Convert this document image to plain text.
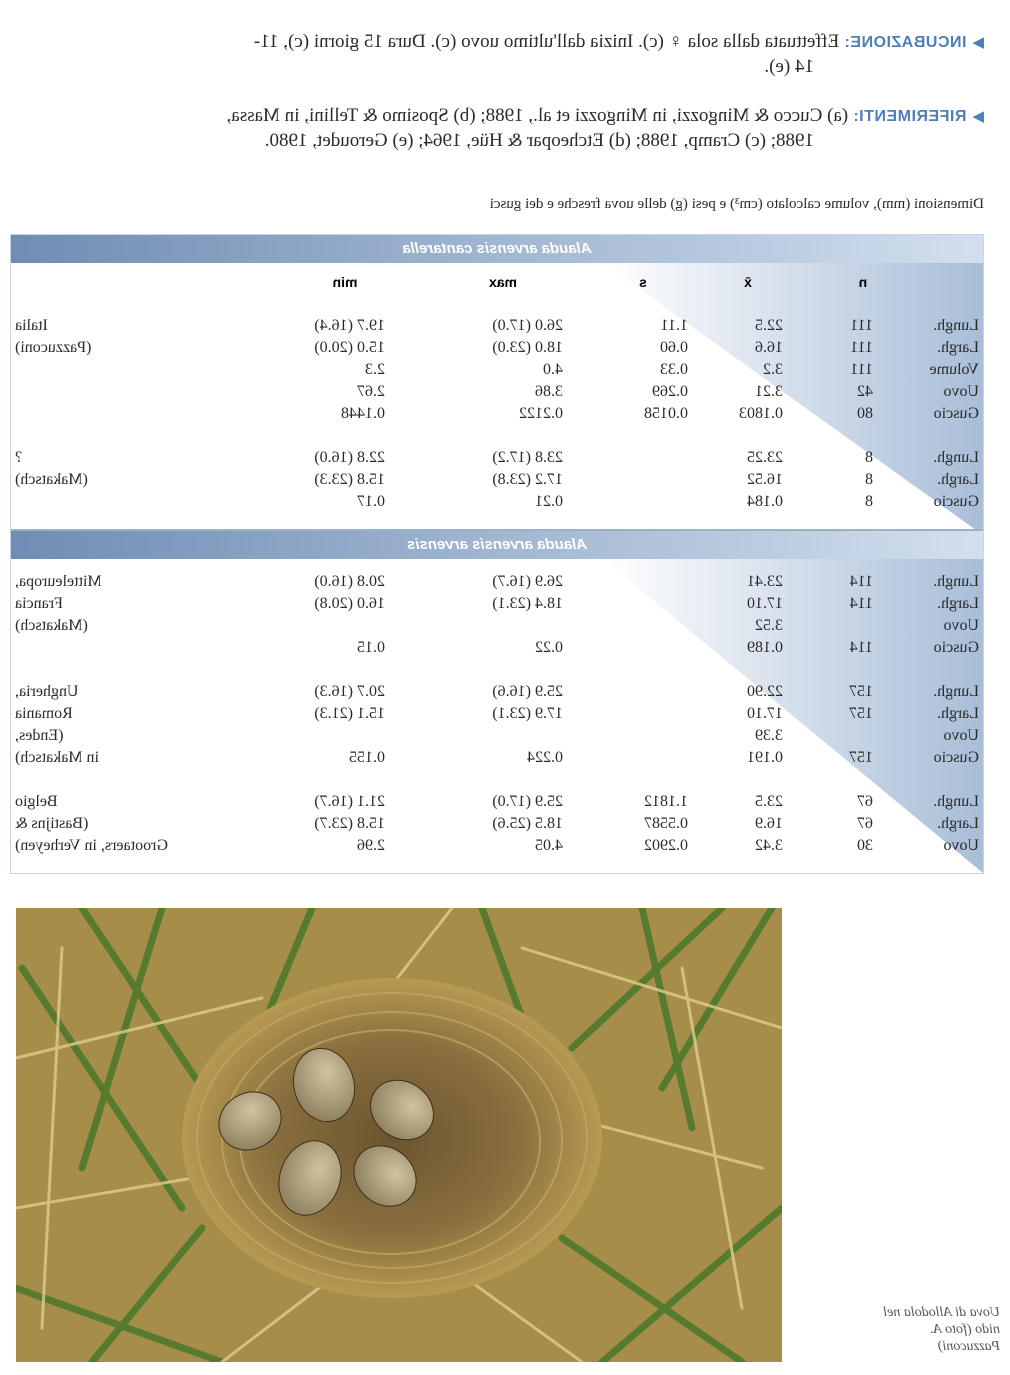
▶INCUBAZIONE: Effettuata dalla sola ♀ (c). Inizia dall'ultimo uovo (c). Dura 15 giorni (c), 11-
14 (e).
▶RIFERIMENTI: (a) Cucco & Mingozzi, in Mingozzi et al., 1988; (b) Sposimo & Tellini, in Massa,
1988; (c) Cramp, 1988; (d) Etcheopar & Hüe, 1964; (e) Geroudet, 1980.
Dimensioni (mm), volume calcolato (cm³) e pesi (g) delle uova fresche e dei gusci
Alauda arvensis cantarella
Alauda arvensis arvensis
n
x̄
s
max
min
Lungh.
111
22.5
1.11
26.0 (17.0)
19.7 (16.4)
Italia
Largh.
111
16.6
0.60
18.0 (23.0)
15.0 (20.0)
(Pazzuconi)
Volume
111
3.2
0.33
4.0
2.3
Uovo
42
3.21
0.269
3.86
2.67
Guscio
80
0.1803
0.0158
0.2122
0.1448
Lungh.
8
23.25
23.8 (17.2)
22.8 (16.0)
?
Largh.
8
16.52
17.2 (23.8)
15.8 (23.3)
(Makatsch)
Guscio
8
0.184
0.21
0.17
Lungh.
114
23.41
26.9 (16.7)
20.8 (16.0)
Mitteleuropa,
Largh.
114
17.10
18.4 (23.1)
16.0 (20.8)
Francia
Uovo
3.52
(Makatsch)
Guscio
114
0.189
0.22
0.15
Lungh.
157
22.90
25.9 (16.6)
20.7 (16.3)
Ungheria,
Largh.
157
17.10
17.9 (23.1)
15.1 (21.3)
Romania
Uovo
3.39
(Endes,
Guscio
157
0.191
0.224
0.155
in Makatsch)
Lungh.
67
23.5
1.1812
25.9 (17.0)
21.1 (16.7)
Belgio
Largh.
67
16.9
0.5587
18.5 (25.6)
15.8 (23.7)
(Bastijns &
Uovo
30
3.42
0.2902
4.05
2.96
Grootaers, in Verheyen)
Uova di Allodola nel
nido (foto A.
Pazzuconi)
